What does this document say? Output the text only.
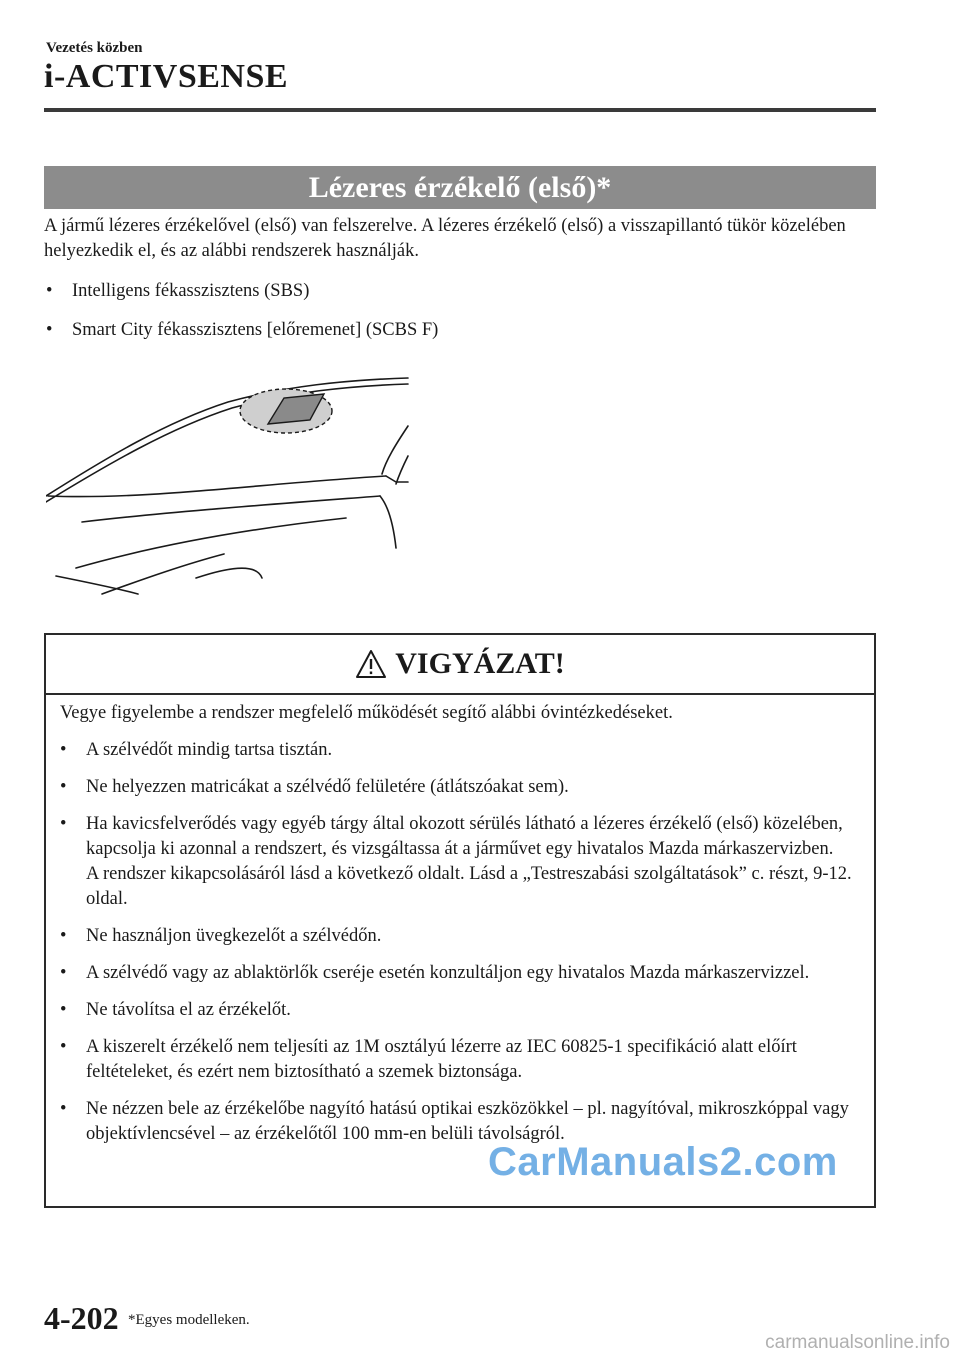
Vezetés közben
i-ACTIVSENSE
Lézeres érzékelő (első)*

A jármű lézeres érzékelővel (első) van felszerelve. A lézeres érzékelő (első) a visszapillantó tükör közelében helyezkedik el, és az alábbi rendszerek használják.

• Intelligens fékasszisztens (SBS)
• Smart City fékasszisztens [előremenet] (SCBS F)
VIGYÁZAT!

Vegye figyelembe a rendszer megfelelő működését segítő alábbi óvintézkedéseket.

• A szélvédőt mindig tartsa tisztán.
• Ne helyezzen matricákat a szélvédő felületére (átlátszóakat sem).
• Ha kavicsfelverődés vagy egyéb tárgy által okozott sérülés látható a lézeres érzékelő (első) közelében, kapcsolja ki azonnal a rendszert, és vizsgáltassa át a járművet egy hivatalos Mazda márkaszervizben.
A rendszer kikapcsolásáról lásd a következő oldalt. Lásd a „Testreszabási szolgáltatások” c. részt, 9-12. oldal.
• Ne használjon üvegkezelőt a szélvédőn.
• A szélvédő vagy az ablaktörlők cseréje esetén konzultáljon egy hivatalos Mazda márkaszervizzel.
• Ne távolítsa el az érzékelőt.
• A kiszerelt érzékelő nem teljesíti az 1M osztályú lézerre az IEC 60825-1 specifikáció alatt előírt feltételeket, és ezért nem biztosítható a szemek biztonsága.
• Ne nézzen bele az érzékelőbe nagyító hatású optikai eszközökkel – pl. nagyítóval, mikroszkóppal vagy objektívlencsével – az érzékelőtől 100 mm-en belüli távolságról.
CarManuals2.com
4-202 *Egyes modelleken.
carmanualsonline.info
